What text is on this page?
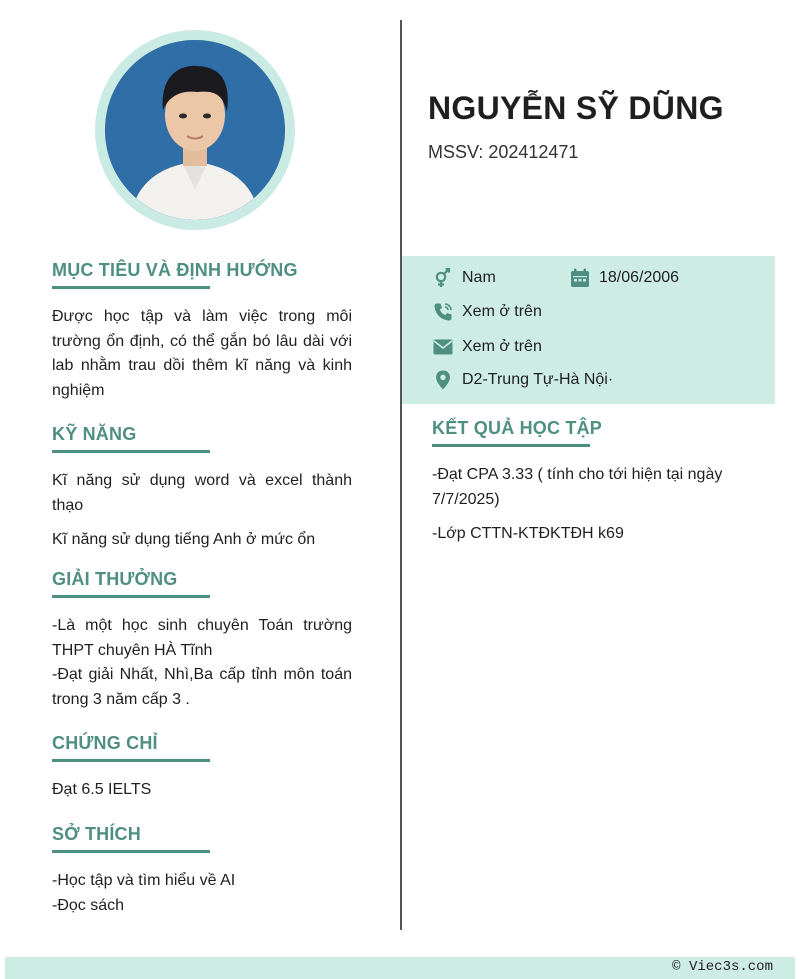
NGUYỄN SỸ DŨNG
MSSV: 202412471
MỤC TIÊU VÀ ĐỊNH HƯỚNG

Được học tập và làm việc trong môi trường ổn định, có thể gắn bó lâu dài với lab nhằm trau dồi thêm kĩ năng và kinh nghiệm

KỸ NĂNG

Kĩ năng sử dụng word và excel thành thạo

Kĩ năng sử dụng tiếng Anh ở mức ổn

GIẢI THƯỞNG

-Là một học sinh chuyên Toán trường THPT chuyên HÀ Tĩnh

-Đạt giải Nhất, Nhì,Ba cấp tỉnh môn toán trong 3 năm cấp 3 .

CHỨNG CHỈ

Đạt 6.5 IELTS

SỞ THÍCH

-Học tập và tìm hiểu về AI

-Đọc sách

Nam	18/06/2006
Xem ở trên
Xem ở trên
D2-Trung Tự-Hà Nội·
KẾT QUẢ HỌC TẬP

-Đạt CPA 3.33 ( tính cho tới hiện tại ngày 7/7/2025)

-Lớp CTTN-KTĐKTĐH k69

© Viec3s.com
